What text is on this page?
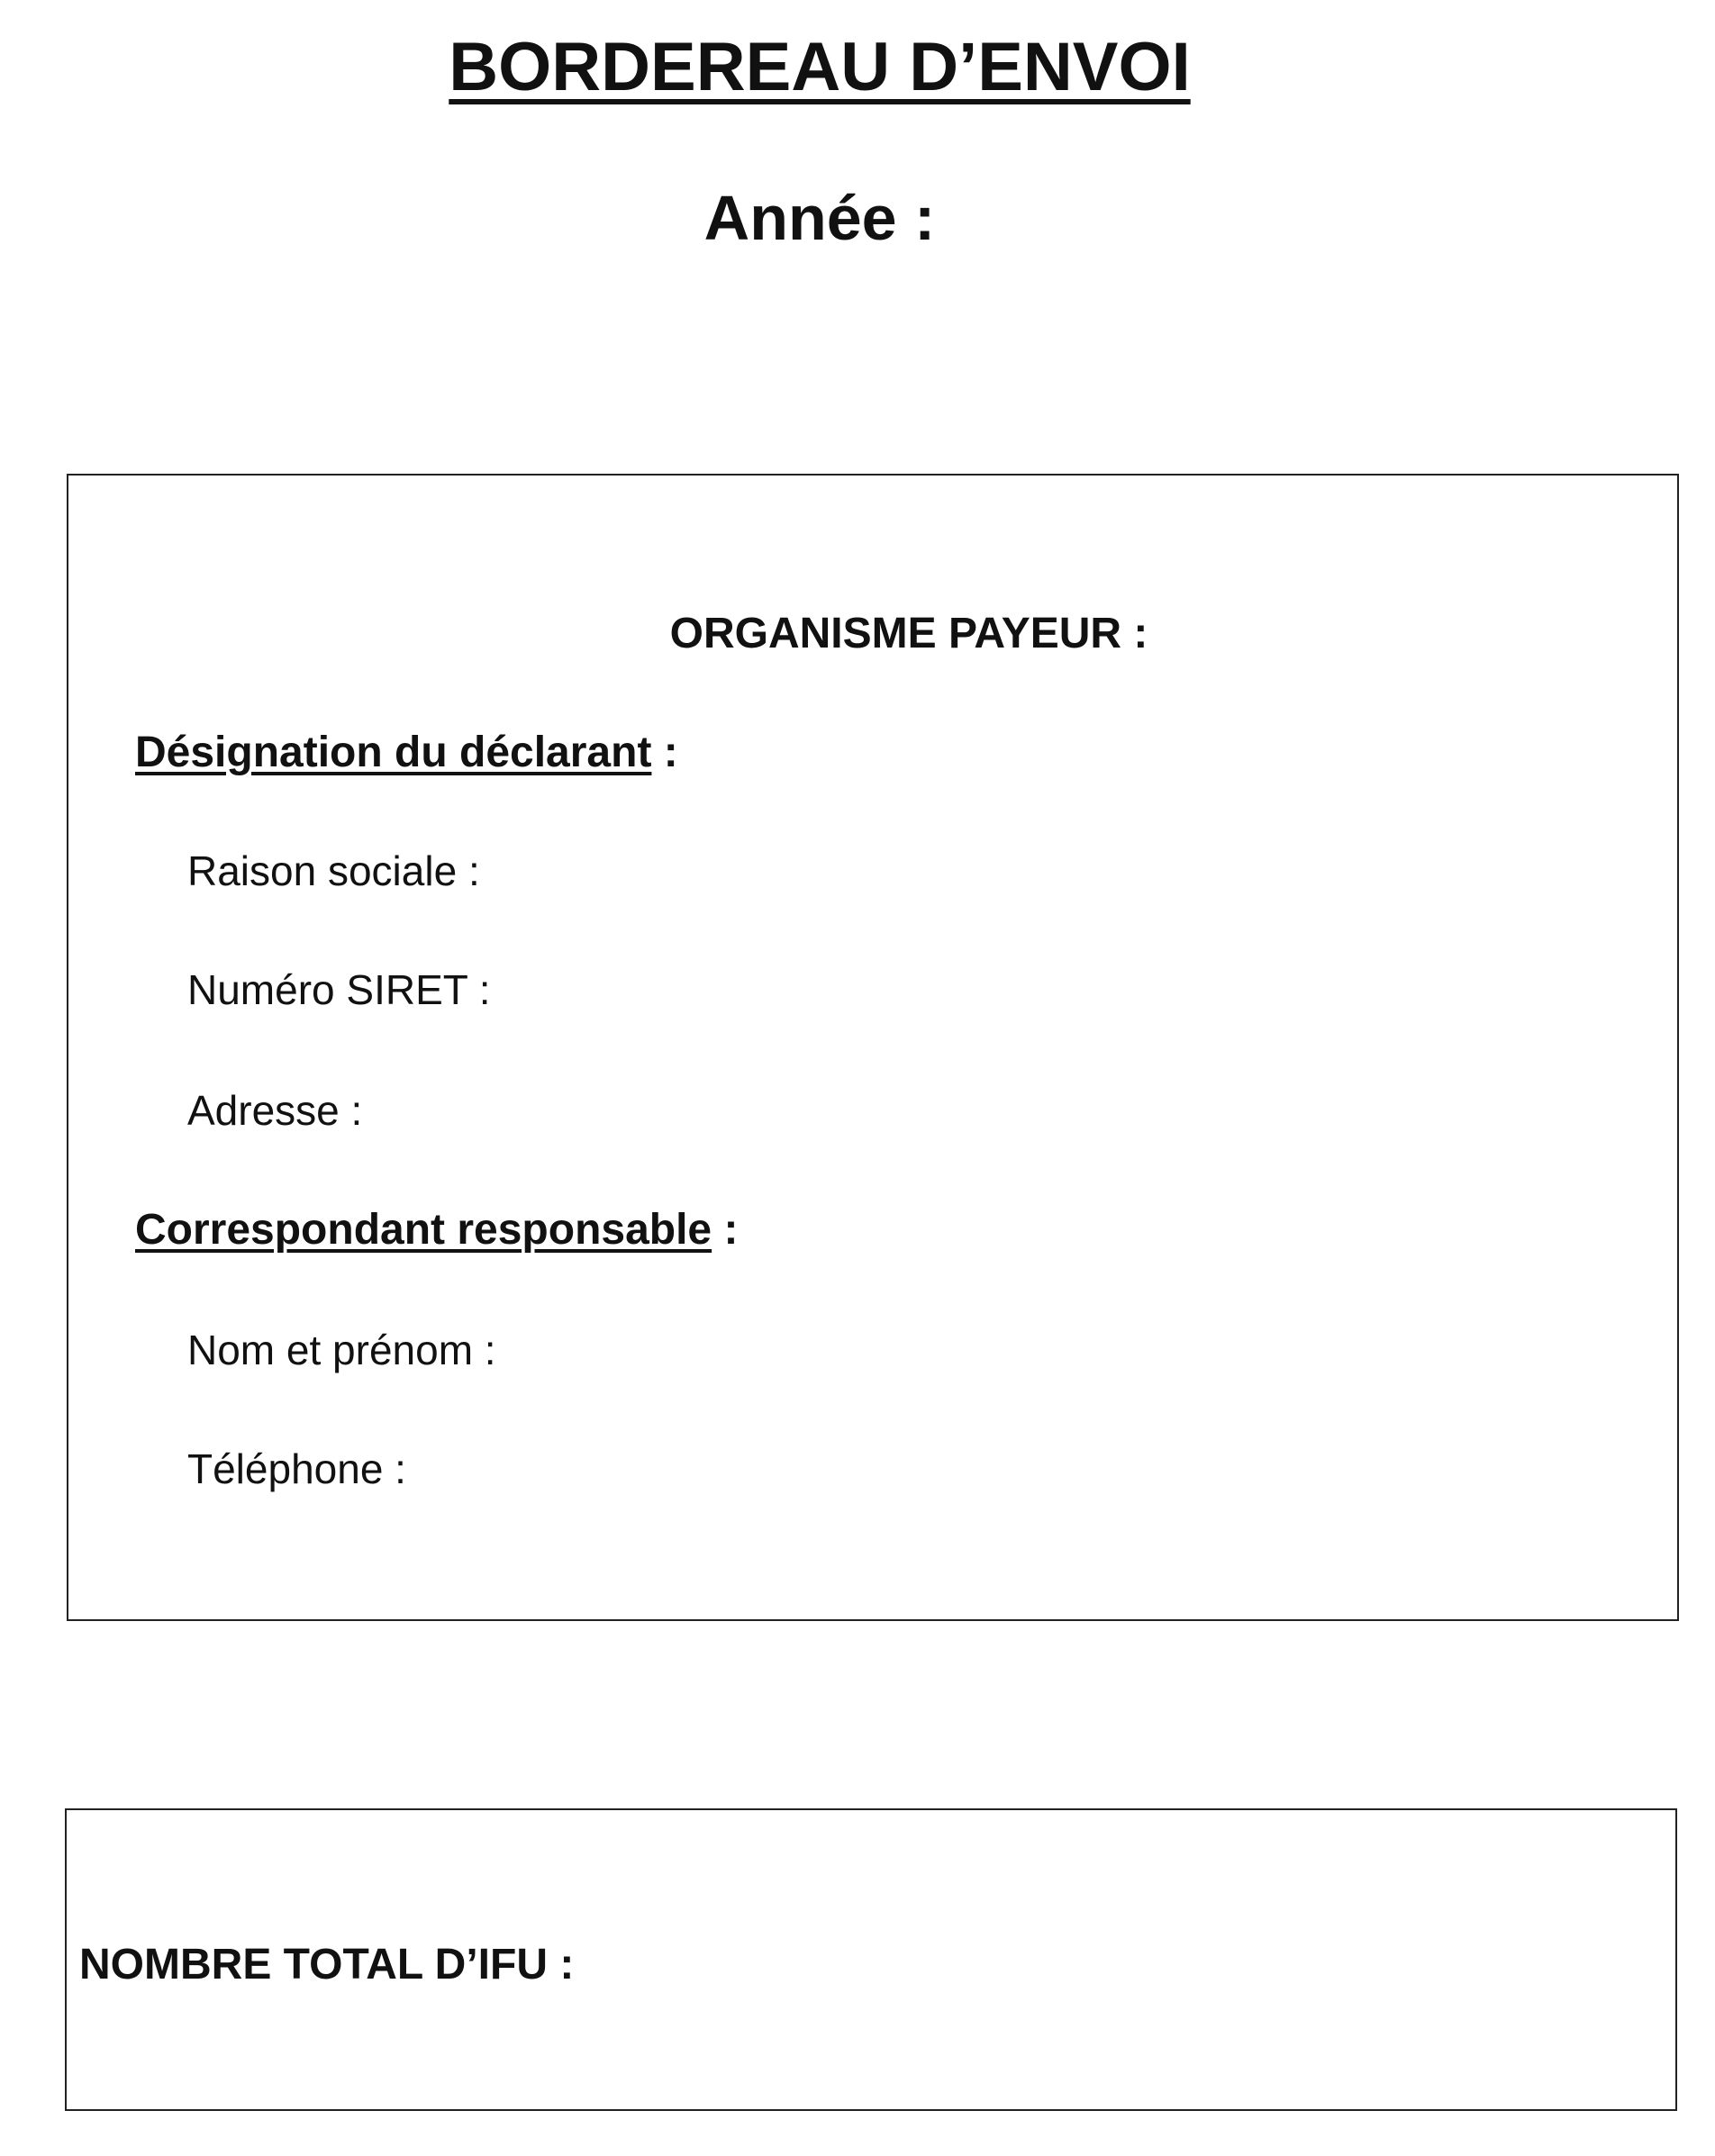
BORDEREAU D’ENVOI
Année :
ORGANISME PAYEUR :
Désignation du déclarant :
Raison sociale :
Numéro SIRET :
Adresse :
Correspondant responsable :
Nom et prénom :
Téléphone :
NOMBRE TOTAL D’IFU :
